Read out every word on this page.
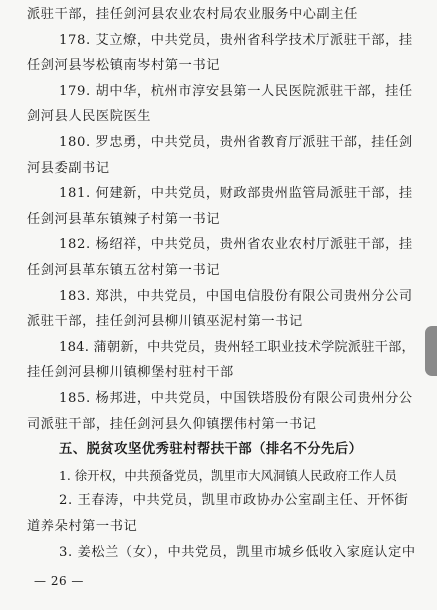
派驻干部，挂任剑河县农业农村局农业服务中心副主任
178. 艾立燎，中共党员，贵州省科学技术厅派驻干部，挂
任剑河县岑松镇南岑村第一书记
179. 胡中华，杭州市淳安县第一人民医院派驻干部，挂任
剑河县人民医院医生
180. 罗忠勇，中共党员，贵州省教育厅派驻干部，挂任剑
河县委副书记
181. 何建新，中共党员，财政部贵州监管局派驻干部，挂
任剑河县革东镇辣子村第一书记
182. 杨绍祥，中共党员，贵州省农业农村厅派驻干部，挂
任剑河县革东镇五岔村第一书记
183. 郑洪，中共党员，中国电信股份有限公司贵州分公司
派驻干部，挂任剑河县柳川镇巫泥村第一书记
184. 蒲朝新，中共党员，贵州轻工职业技术学院派驻干部，
挂任剑河县柳川镇柳堡村驻村干部
185. 杨邦进，中共党员，中国铁塔股份有限公司贵州分公
司派驻干部，挂任剑河县久仰镇摆伟村第一书记
五、脱贫攻坚优秀驻村帮扶干部（排名不分先后）
1. 徐开权，中共预备党员，凯里市大风洞镇人民政府工作人员
2. 王春涛，中共党员，凯里市政协办公室副主任、开怀街
道养朵村第一书记
3. 姜松兰（女），中共党员，凯里市城乡低收入家庭认定中
— 26 —
